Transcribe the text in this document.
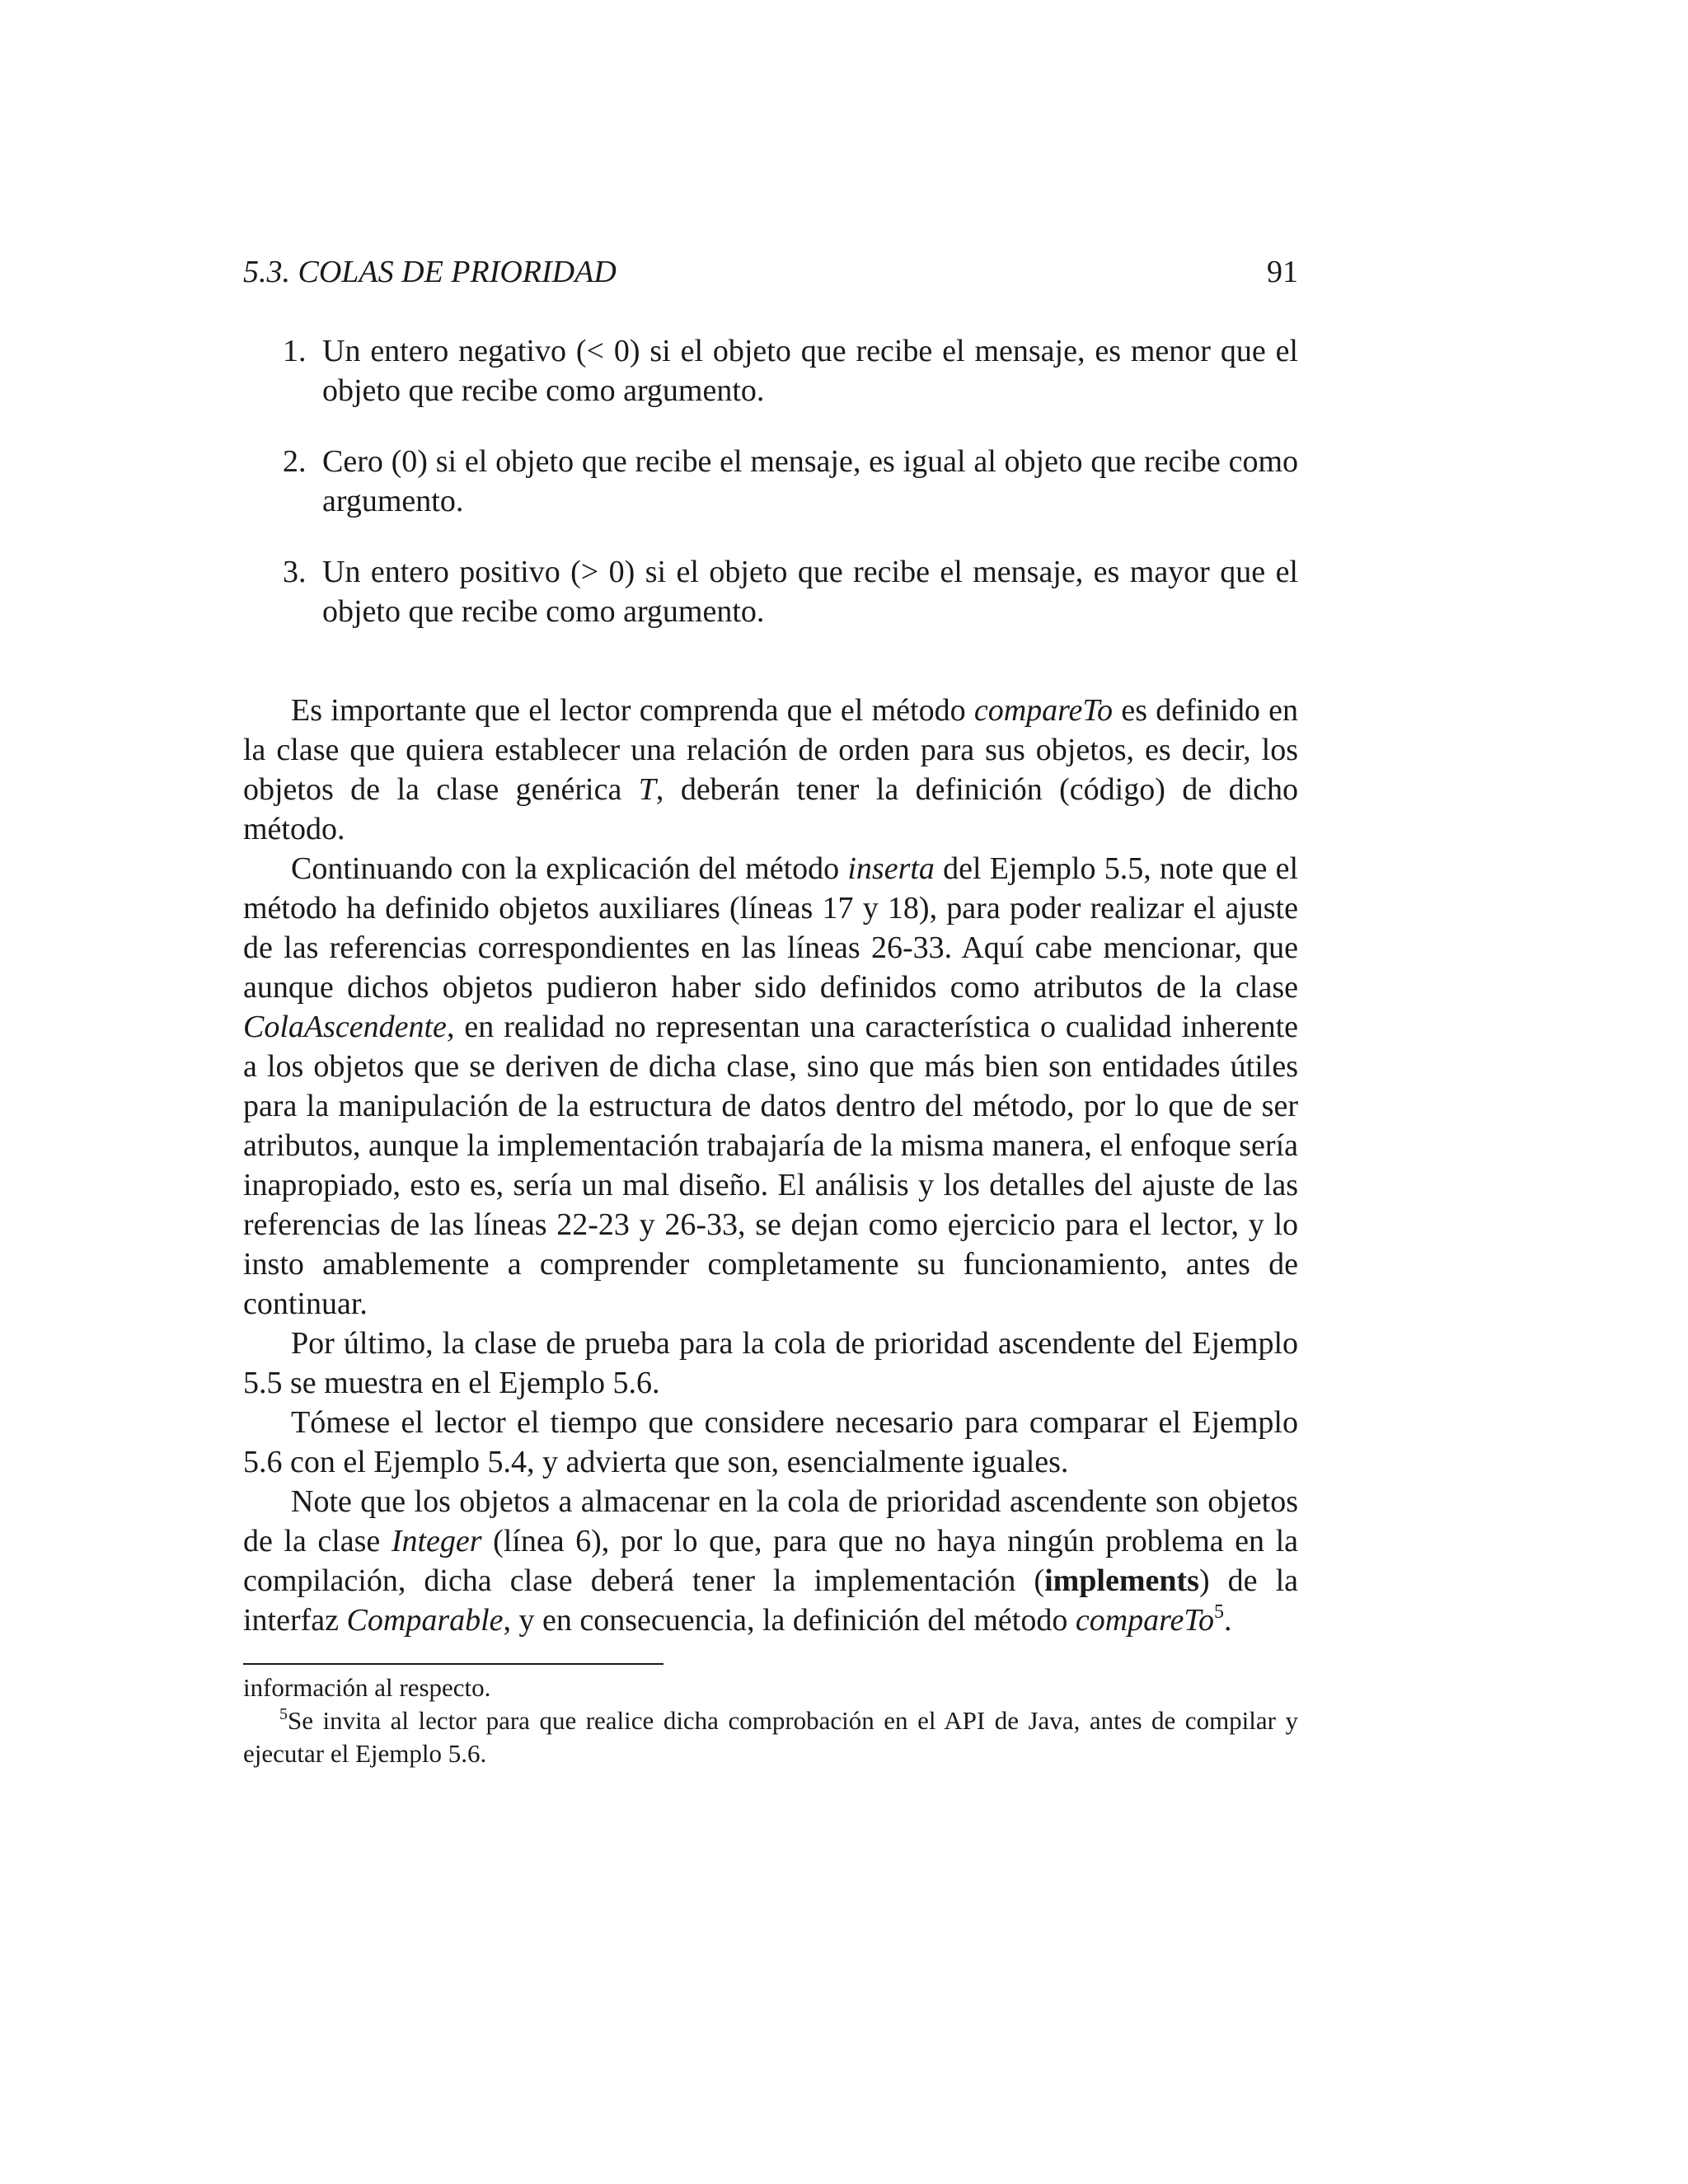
5.3. COLAS DE PRIORIDAD	91
1. Un entero negativo (< 0) si el objeto que recibe el mensaje, es menor que el objeto que recibe como argumento.
2. Cero (0) si el objeto que recibe el mensaje, es igual al objeto que recibe como argumento.
3. Un entero positivo (> 0) si el objeto que recibe el mensaje, es mayor que el objeto que recibe como argumento.

Es importante que el lector comprenda que el método compareTo es definido en la clase que quiera establecer una relación de orden para sus objetos, es decir, los objetos de la clase genérica T, deberán tener la definición (código) de dicho método.

Continuando con la explicación del método inserta del Ejemplo 5.5, note que el método ha definido objetos auxiliares (líneas 17 y 18), para poder realizar el ajuste de las referencias correspondientes en las líneas 26-33. Aquí cabe mencionar, que aunque dichos objetos pudieron haber sido definidos como atributos de la clase ColaAscendente, en realidad no representan una característica o cualidad inherente a los objetos que se deriven de dicha clase, sino que más bien son entidades útiles para la manipulación de la estructura de datos dentro del método, por lo que de ser atributos, aunque la implementación trabajaría de la misma manera, el enfoque sería inapropiado, esto es, sería un mal diseño. El análisis y los detalles del ajuste de las referencias de las líneas 22-23 y 26-33, se dejan como ejercicio para el lector, y lo insto amablemente a comprender completamente su funcionamiento, antes de continuar.

Por último, la clase de prueba para la cola de prioridad ascendente del Ejemplo 5.5 se muestra en el Ejemplo 5.6.

Tómese el lector el tiempo que considere necesario para comparar el Ejemplo 5.6 con el Ejemplo 5.4, y advierta que son, esencialmente iguales.

Note que los objetos a almacenar en la cola de prioridad ascendente son objetos de la clase Integer (línea 6), por lo que, para que no haya ningún problema en la compilación, dicha clase deberá tener la implementación (implements) de la interfaz Comparable, y en consecuencia, la definición del método compareTo$^5$.

información al respecto.

$^5$Se invita al lector para que realice dicha comprobación en el API de Java, antes de compilar y ejecutar el Ejemplo 5.6.
